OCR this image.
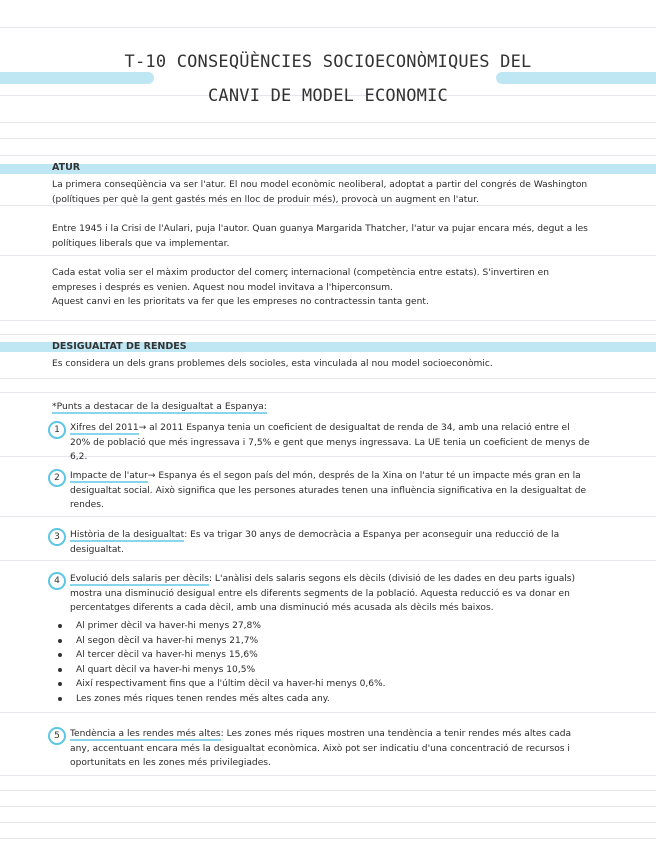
T-10 CONSEQÜÈNCIES SOCIOECONÒMIQUES DEL
CANVI DE MODEL ECONOMIC
ATUR
La primera conseqüència va ser l'atur. El nou model econòmic neoliberal, adoptat a partir del congrés de Washington (polítiques per què la gent gastés més en lloc de produir més), provocà un augment en l'atur.
Entre 1945 i la Crisi de l'Aulari, puja l'autor. Quan guanya Margarida Thatcher, l'atur va pujar encara més, degut a les polítiques liberals que va implementar.
Cada estat volia ser el màxim productor del comerç internacional (competència entre estats). S'invertiren en empreses i després es venien. Aquest nou model invitava a l'hiperconsum.
Aquest canvi en les prioritats va fer que les empreses no contractessin tanta gent.
DESIGUALTAT DE RENDES
Es considera un dels grans problemes dels socioles, esta vinculada al nou model socioeconòmic.
*Punts a destacar de la desigualtat a Espanya:
1	Xifres del 2011→ al 2011 Espanya tenia un coeficient de desigualtat de renda de 34, amb una relació entre el 20% de població que més ingressava i 7,5% e gent que menys ingressava. La UE tenia un coeficient de menys de 6,2.
2	Impacte de l'atur→ Espanya és el segon país del món, després de la Xina on l'atur té un impacte més gran en la desigualtat social. Això significa que les persones aturades tenen una influència significativa en la desigualtat de rendes.
3	Història de la desigualtat: Es va trigar 30 anys de democràcia a Espanya per aconseguir una reducció de la desigualtat.
4	Evolució dels salaris per dècils: L'anàlisi dels salaris segons els dècils (divisió de les dades en deu parts iguals) mostra una disminució desigual entre els diferents segments de la població. Aquesta reducció es va donar en percentatges diferents a cada dècil, amb una disminució més acusada als dècils més baixos.
Al primer dècil va haver-hi menys 27,8%
Al segon dècil va haver-hi menys 21,7%
Al tercer dècil va haver-hi menys 15,6%
Al quart dècil va haver-hi menys 10,5%
Així respectivament fins que a l'últim dècil va haver-hi menys 0,6%.
Les zones més riques tenen rendes més altes cada any.
5	Tendència a les rendes més altes: Les zones més riques mostren una tendència a tenir rendes més altes cada any, accentuant encara més la desigualtat econòmica. Això pot ser indicatiu d'una concentració de recursos i oportunitats en les zones més privilegiades.
